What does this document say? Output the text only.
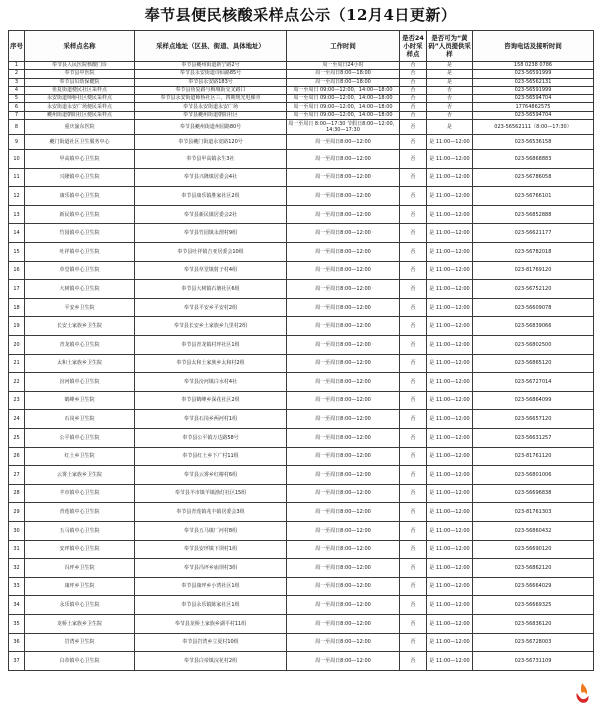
奉节县便民核酸采样点公示（12月4日更新）
序号	采样点名称	采样点地址（区县、街道、具体地址）	工作时间	是否24小时采样点	是否可为“黄码”人员提供采样	咨询电话及接听时间
1	奉节县人民医院核酸门诊	奉节县夔州街道新宁路2号	周一至周日24小时	否	是	158 0238 0786
2	奉节县中医院	奉节县永安街道诗仙路85号	周一至周日8:00—18:00	否	是	023-56591999
3	奉节县妇幼保健院	奉节县永安路183号	周一至周日8:00—18:00	否	是	023-56562131
4	鱼复街道便民社区采样点	奉节县鱼复路与梅城街交叉路口	周一至周日 09:00—12:00，14:00—18:00	否	否	023-56591999
5	永安街道师桥社区便民采样点	奉节县永安街道师桥社区三，四期规光电梯旁	周一至周日 09:00—12:00，14:00—18:00	否	否	023-56594704
6	永安街道永安广场便民采样点	奉节县永安街道永安广场	周一至周日 09:00—12:00，14:00—18:00	否	否	17764862575
7	夔州街道朝阳社区便民采样点	奉节县夔州街道朝阳社区	周一至周日 09:00—12:00，14:00—18:00	否	否	023-56594704
8	重庆渝东医院	奉节县夔州街道州园路80号	周一至周日 8:00—17:30 节假日8:00—12:00，14:30—17:30	否	是	023-56562111（8:00—17:30）
9	夔门街道社区卫生服务中心	奉节县夔门街道永宽路120号	周一至周日8:00—12:00	否	是 11:00—12:00	023-56536158
10	甲高镇中心卫生院	奉节县甲高镇永生3社	周一至周日8:00—12:00	否	是 11:00—12:00	023-56868883
11	兴隆镇中心卫生院	奉节县兴隆镇居委会4社	周一至周日8:00—12:00	否	是 11:00—12:00	023-56786058
12	康乐镇中心卫生院	奉节县康乐镇胜家社区2组	周一至周日8:00—12:00	否	是 11:00—12:00	023-56766101
13	新民镇中心卫生院	奉节县新民镇居委会2社	周一至周日8:00—12:00	否	是 11:00—12:00	023-56852888
14	竹园镇中心卫生院	奉节县竹园镇永渭村9组	周一至周日8:00—12:00	否	是 11:00—12:00	023-56621177
15	吐祥镇中心卫生院	奉节县吐祥镇吉亚居委会10组	周一至周日8:00—12:00	否	是 11:00—12:00	023-56782018
16	草堂镇中心卫生院	奉节县草堂镇射子村4组	周一至周日8:00—12:00	否	是 11:00—12:00	023-81769120
17	大树镇中心卫生院	奉节县大树镇石塘社区6组	周一至周日8:00—12:00	否	是 11:00—12:00	023-56752120
18	平安乡卫生院	奉节县平安乡平安村2组	周一至周日8:00—12:00	否	是 11:00—12:00	023-56609078
19	长安土家族乡卫生院	奉节县长安乡土家族乡九里村2组	周一至周日8:00—12:00	否	是 11:00—12:00	023-56839066
20	青龙镇中心卫生院	奉节县青龙镇村坪社区1组	周一至周日8:00—12:00	否	是 11:00—12:00	023-56802500
21	太和土家族乡卫生院	奉节县太和土家族乡太和村2组	周一至周日8:00—12:00	否	是 11:00—12:00	023-56865120
22	汾河镇中心卫生院	奉节县汾河镇白水村4社	周一至周日8:00—12:00	否	是 11:00—12:00	023-56727014
23	鹤峰乡卫生院	奉节县鹤峰乡深花社区2组	周一至周日8:00—12:00	否	是 11:00—12:00	023-56864099
24	石岗乡卫生院	奉节县石岗乡两河村1组	周一至周日8:00—12:00	否	是 11:00—12:00	023-56657120
25	公平镇中心卫生院	奉节县公平镇万达路58号	周一至周日8:00—12:00	否	是 11:00—12:00	023-56631257
26	红土乡卫生院	奉节县红土乡下广村11组	周一至周日8:00—12:00	否	是 11:00—12:00	023-81761120
27	云雾土家族乡卫生院	奉节县云雾乡红椿村6组	周一至周日8:00—12:00	否	是 11:00—12:00	023-56801006
28	羊市镇中心卫生院	奉节县羊市镇羊镇渔灯社区15组	周一至周日8:00—12:00	否	是 11:00—12:00	023-56696838
29	青莲镇中心卫生院	奉节县青莲镇兆丰镇居委会3组	周一至周日8:00—12:00	否	是 11:00—12:00	023-81761303
30	五马镇中心卫生院	奉节县五马镇厂河村8组	周一至周日8:00—12:00	否	是 11:00—12:00	023-56860432
31	安坪镇中心卫生院	奉节县安坪镇下坝村1组	周一至周日8:00—12:00	否	是 11:00—12:00	023-56690120
32	冯坪乡卫生院	奉节县冯坪乡庙坝村3组	周一至周日8:00—12:00	否	是 11:00—12:00	023-56862120
33	康坪乡卫生院	奉节县康坪乡小湾社区1组	周一至周日8:00—12:00	否	是 11:00—12:00	023-56664029
34	永乐镇中心卫生院	奉节县永乐镇陈家社区1组	周一至周日8:00—12:00	否	是 11:00—12:00	023-56669325
35	龙桥土家族乡卫生院	奉节县龙桥土家族乡湖平村11组	周一至周日8:00—12:00	否	是 11:00—12:00	023-56836120
36	岩湾乡卫生院	奉节县岩湾乡立夏村10组	周一至周日8:00—12:00	否	是 11:00—12:00	023-56728003
37	白帝镇中心卫生院	奉节县白帝镇浣花村2组	周一至周日8:00—12:00	否	是 11:00—12:00	023-56731109
